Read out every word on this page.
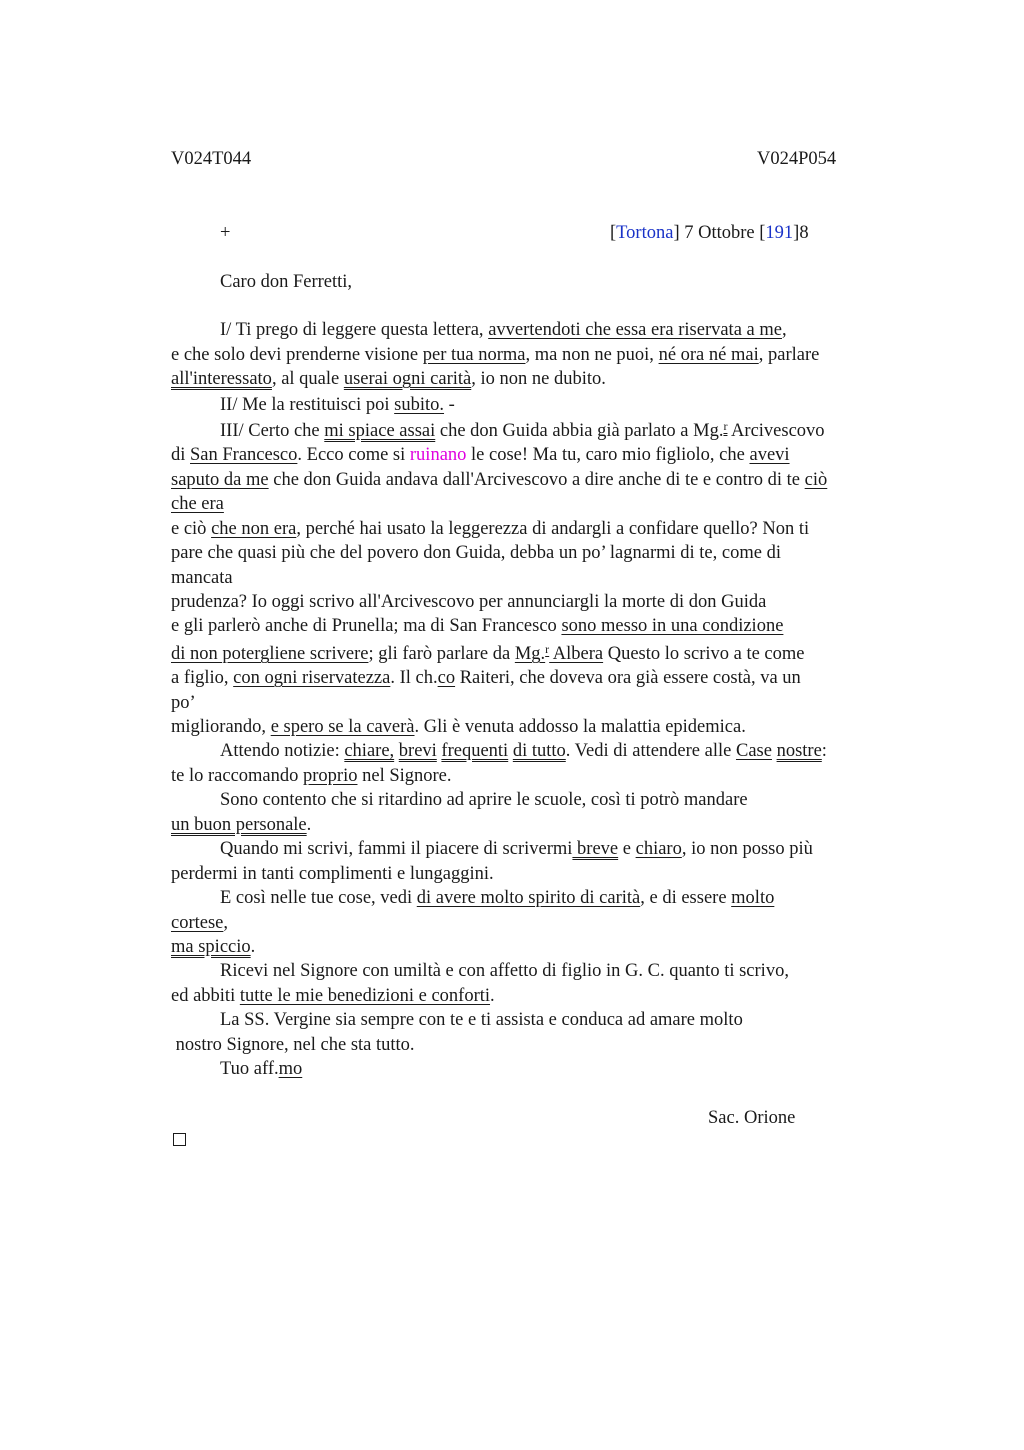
V024T044	V024P054
+	[Tortona] 7 Ottobre [191]8
Caro don Ferretti,
I/ Ti prego di leggere questa lettera, avvertendoti che essa era riservata a me,
e che solo devi prenderne visione per tua norma, ma non ne puoi, né ora né mai, parlare
all'interessato, al quale userai ogni carità, io non ne dubito.
II/ Me la restituisci poi subito. -
III/ Certo che mi spiace assai che don Guida abbia già parlato a Mg.$^r$ Arcivescovo
di San Francesco. Ecco come si ruinano le cose! Ma tu, caro mio figliolo, che avevi
saputo da me che don Guida andava dall'Arcivescovo a dire anche di te e contro di te ciò
che era
e ciò che non era, perché hai usato la leggerezza di andargli a confidare quello? Non ti
pare che quasi più che del povero don Guida, debba un po’ lagnarmi di te, come di
mancata
prudenza? Io oggi scrivo all'Arcivescovo per annunciargli la morte di don Guida
e gli parlerò anche di Prunella; ma di San Francesco sono messo in una condizione
di non potergliene scrivere; gli farò parlare da Mg.$^r$ Albera Questo lo scrivo a te come
a figlio, con ogni riservatezza. Il ch.co Raiteri, che doveva ora già essere costà, va un
po’
migliorando, e spero se la caverà. Gli è venuta addosso la malattia epidemica.
Attendo notizie: chiare, brevi frequenti di tutto. Vedi di attendere alle Case nostre:
te lo raccomando proprio nel Signore.
Sono contento che si ritardino ad aprire le scuole, così ti potrò mandare
un buon personale.
Quando mi scrivi, fammi il piacere di scrivermi breve e chiaro, io non posso più
perdermi in tanti complimenti e lungaggini.
E così nelle tue cose, vedi di avere molto spirito di carità, e di essere molto
cortese,
ma spiccio.
Ricevi nel Signore con umiltà e con affetto di figlio in G. C. quanto ti scrivo,
ed abbiti tutte le mie benedizioni e conforti.
La SS. Vergine sia sempre con te e ti assista e conduca ad amare molto
nostro Signore, nel che sta tutto.
Tuo aff.mo
Sac. Orione
